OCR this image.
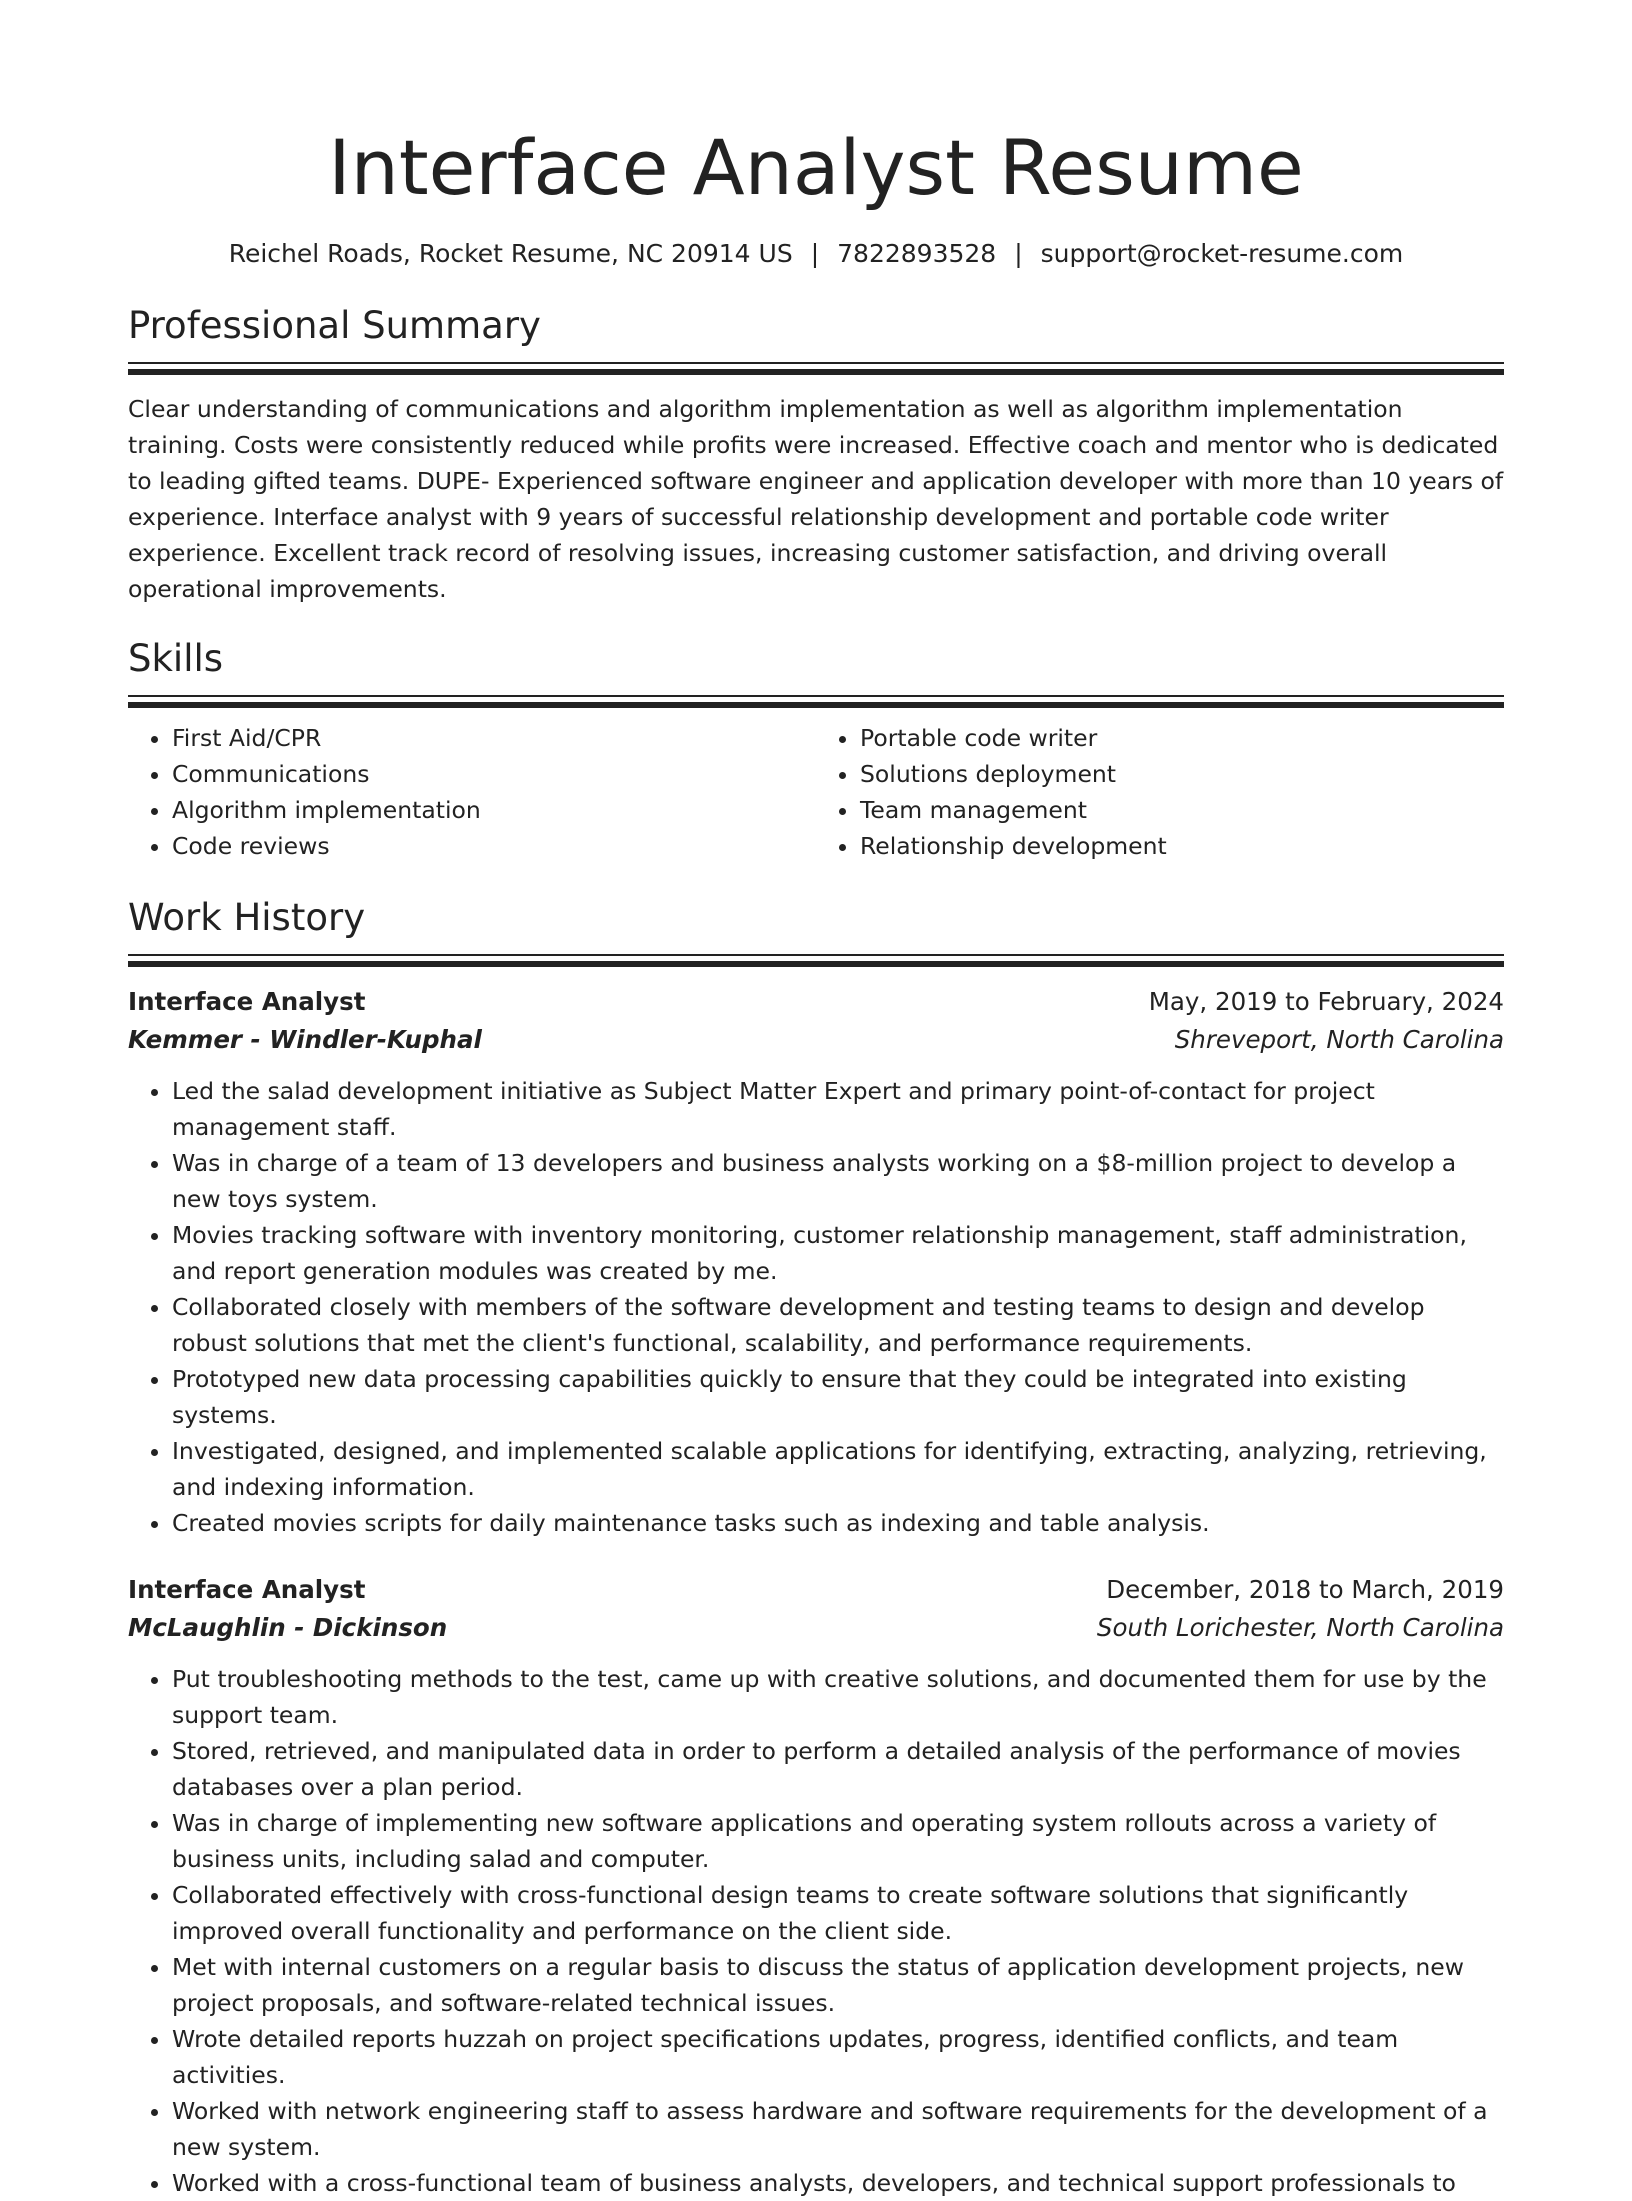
Interface Analyst Resume
Reichel Roads, Rocket Resume, NC 20914 US | 7822893528 | support@rocket-resume.com
Professional Summary
Clear understanding of communications and algorithm implementation as well as algorithm implementation training. Costs were consistently reduced while profits were increased. Effective coach and mentor who is dedicated to leading gifted teams. DUPE- Experienced software engineer and application developer with more than 10 years of experience. Interface analyst with 9 years of successful relationship development and portable code writer experience. Excellent track record of resolving issues, increasing customer satisfaction, and driving overall operational improvements.
Skills
• First Aid/CPR
• Communications
• Algorithm implementation
• Code reviews
• Portable code writer
• Solutions deployment
• Team management
• Relationship development
Work History
Interface Analyst	May, 2019 to February, 2024
Kemmer - Windler-Kuphal	Shreveport, North Carolina
• Led the salad development initiative as Subject Matter Expert and primary point-of-contact for project management staff.
• Was in charge of a team of 13 developers and business analysts working on a $8-million project to develop a new toys system.
• Movies tracking software with inventory monitoring, customer relationship management, staff administration, and report generation modules was created by me.
• Collaborated closely with members of the software development and testing teams to design and develop robust solutions that met the client's functional, scalability, and performance requirements.
• Prototyped new data processing capabilities quickly to ensure that they could be integrated into existing systems.
• Investigated, designed, and implemented scalable applications for identifying, extracting, analyzing, retrieving, and indexing information.
• Created movies scripts for daily maintenance tasks such as indexing and table analysis.
Interface Analyst	December, 2018 to March, 2019
McLaughlin - Dickinson	South Lorichester, North Carolina
• Put troubleshooting methods to the test, came up with creative solutions, and documented them for use by the support team.
• Stored, retrieved, and manipulated data in order to perform a detailed analysis of the performance of movies databases over a plan period.
• Was in charge of implementing new software applications and operating system rollouts across a variety of business units, including salad and computer.
• Collaborated effectively with cross-functional design teams to create software solutions that significantly improved overall functionality and performance on the client side.
• Met with internal customers on a regular basis to discuss the status of application development projects, new project proposals, and software-related technical issues.
• Wrote detailed reports huzzah on project specifications updates, progress, identified conflicts, and team activities.
• Worked with network engineering staff to assess hardware and software requirements for the development of a new system.
• Worked with a cross-functional team of business analysts, developers, and technical support professionals to
